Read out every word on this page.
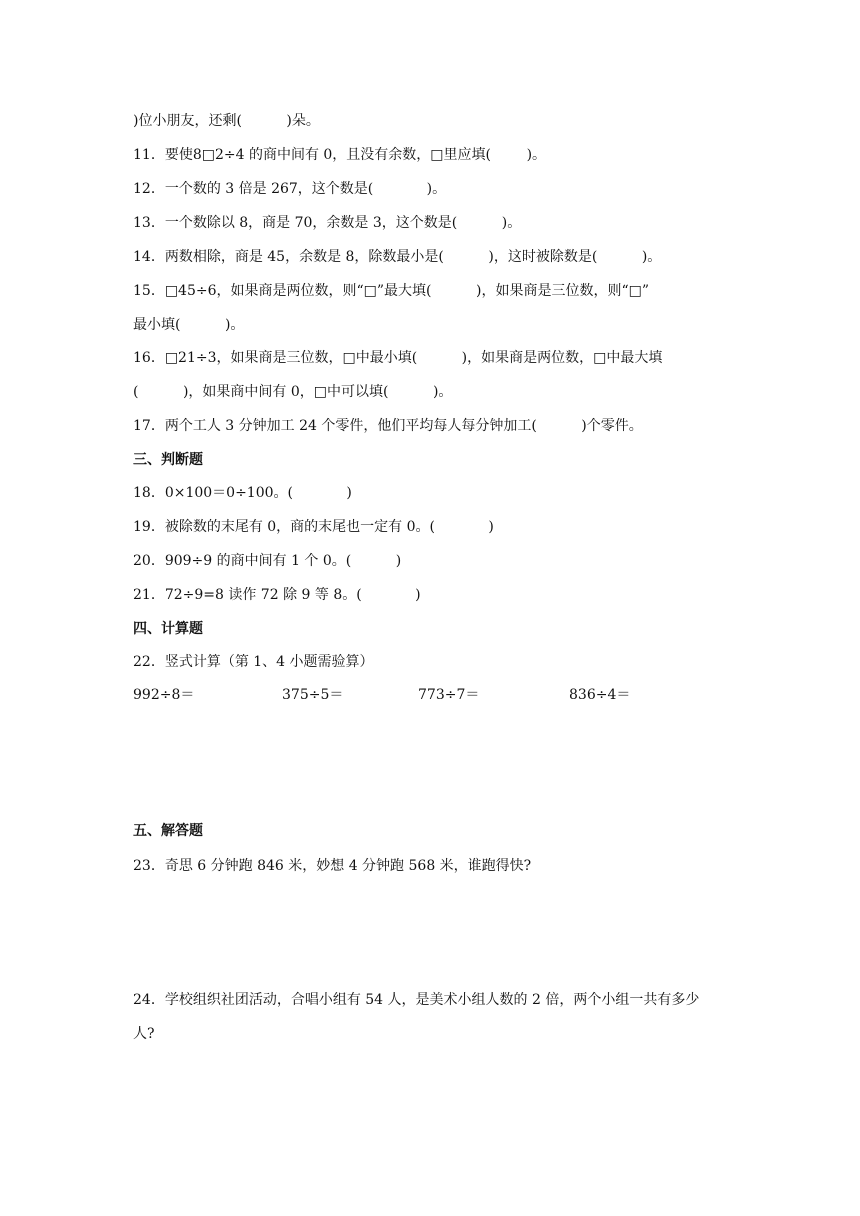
)位小朋友，还剩(          )朵。
11．要使8□2÷4 的商中间有 0，且没有余数，□里应填(        )。
12．一个数的 3 倍是 267，这个数是(            )。
13．一个数除以 8，商是 70，余数是 3，这个数是(          )。
14．两数相除，商是 45，余数是 8，除数最小是(          )，这时被除数是(          )。
15．□45÷6，如果商是两位数，则“□”最大填(          )，如果商是三位数，则“□”
最小填(          )。
16．□21÷3，如果商是三位数，□中最小填(          )，如果商是两位数，□中最大填
(          )，如果商中间有 0，□中可以填(          )。
17．两个工人 3 分钟加工 24 个零件，他们平均每人每分钟加工(          )个零件。
三、判断题
18．0×100＝0÷100。(            )
19．被除数的末尾有 0，商的末尾也一定有 0。(            )
20．909÷9 的商中间有 1 个 0。(          )
21．72÷9=8 读作 72 除 9 等 8。(            )
四、计算题
22．竖式计算（第 1、4 小题需验算）
992÷8＝	375÷5＝	773÷7＝	836÷4＝
五、解答题
23．奇思 6 分钟跑 846 米，妙想 4 分钟跑 568 米，谁跑得快?
24．学校组织社团活动，合唱小组有 54 人，是美术小组人数的 2 倍，两个小组一共有多少
人?
